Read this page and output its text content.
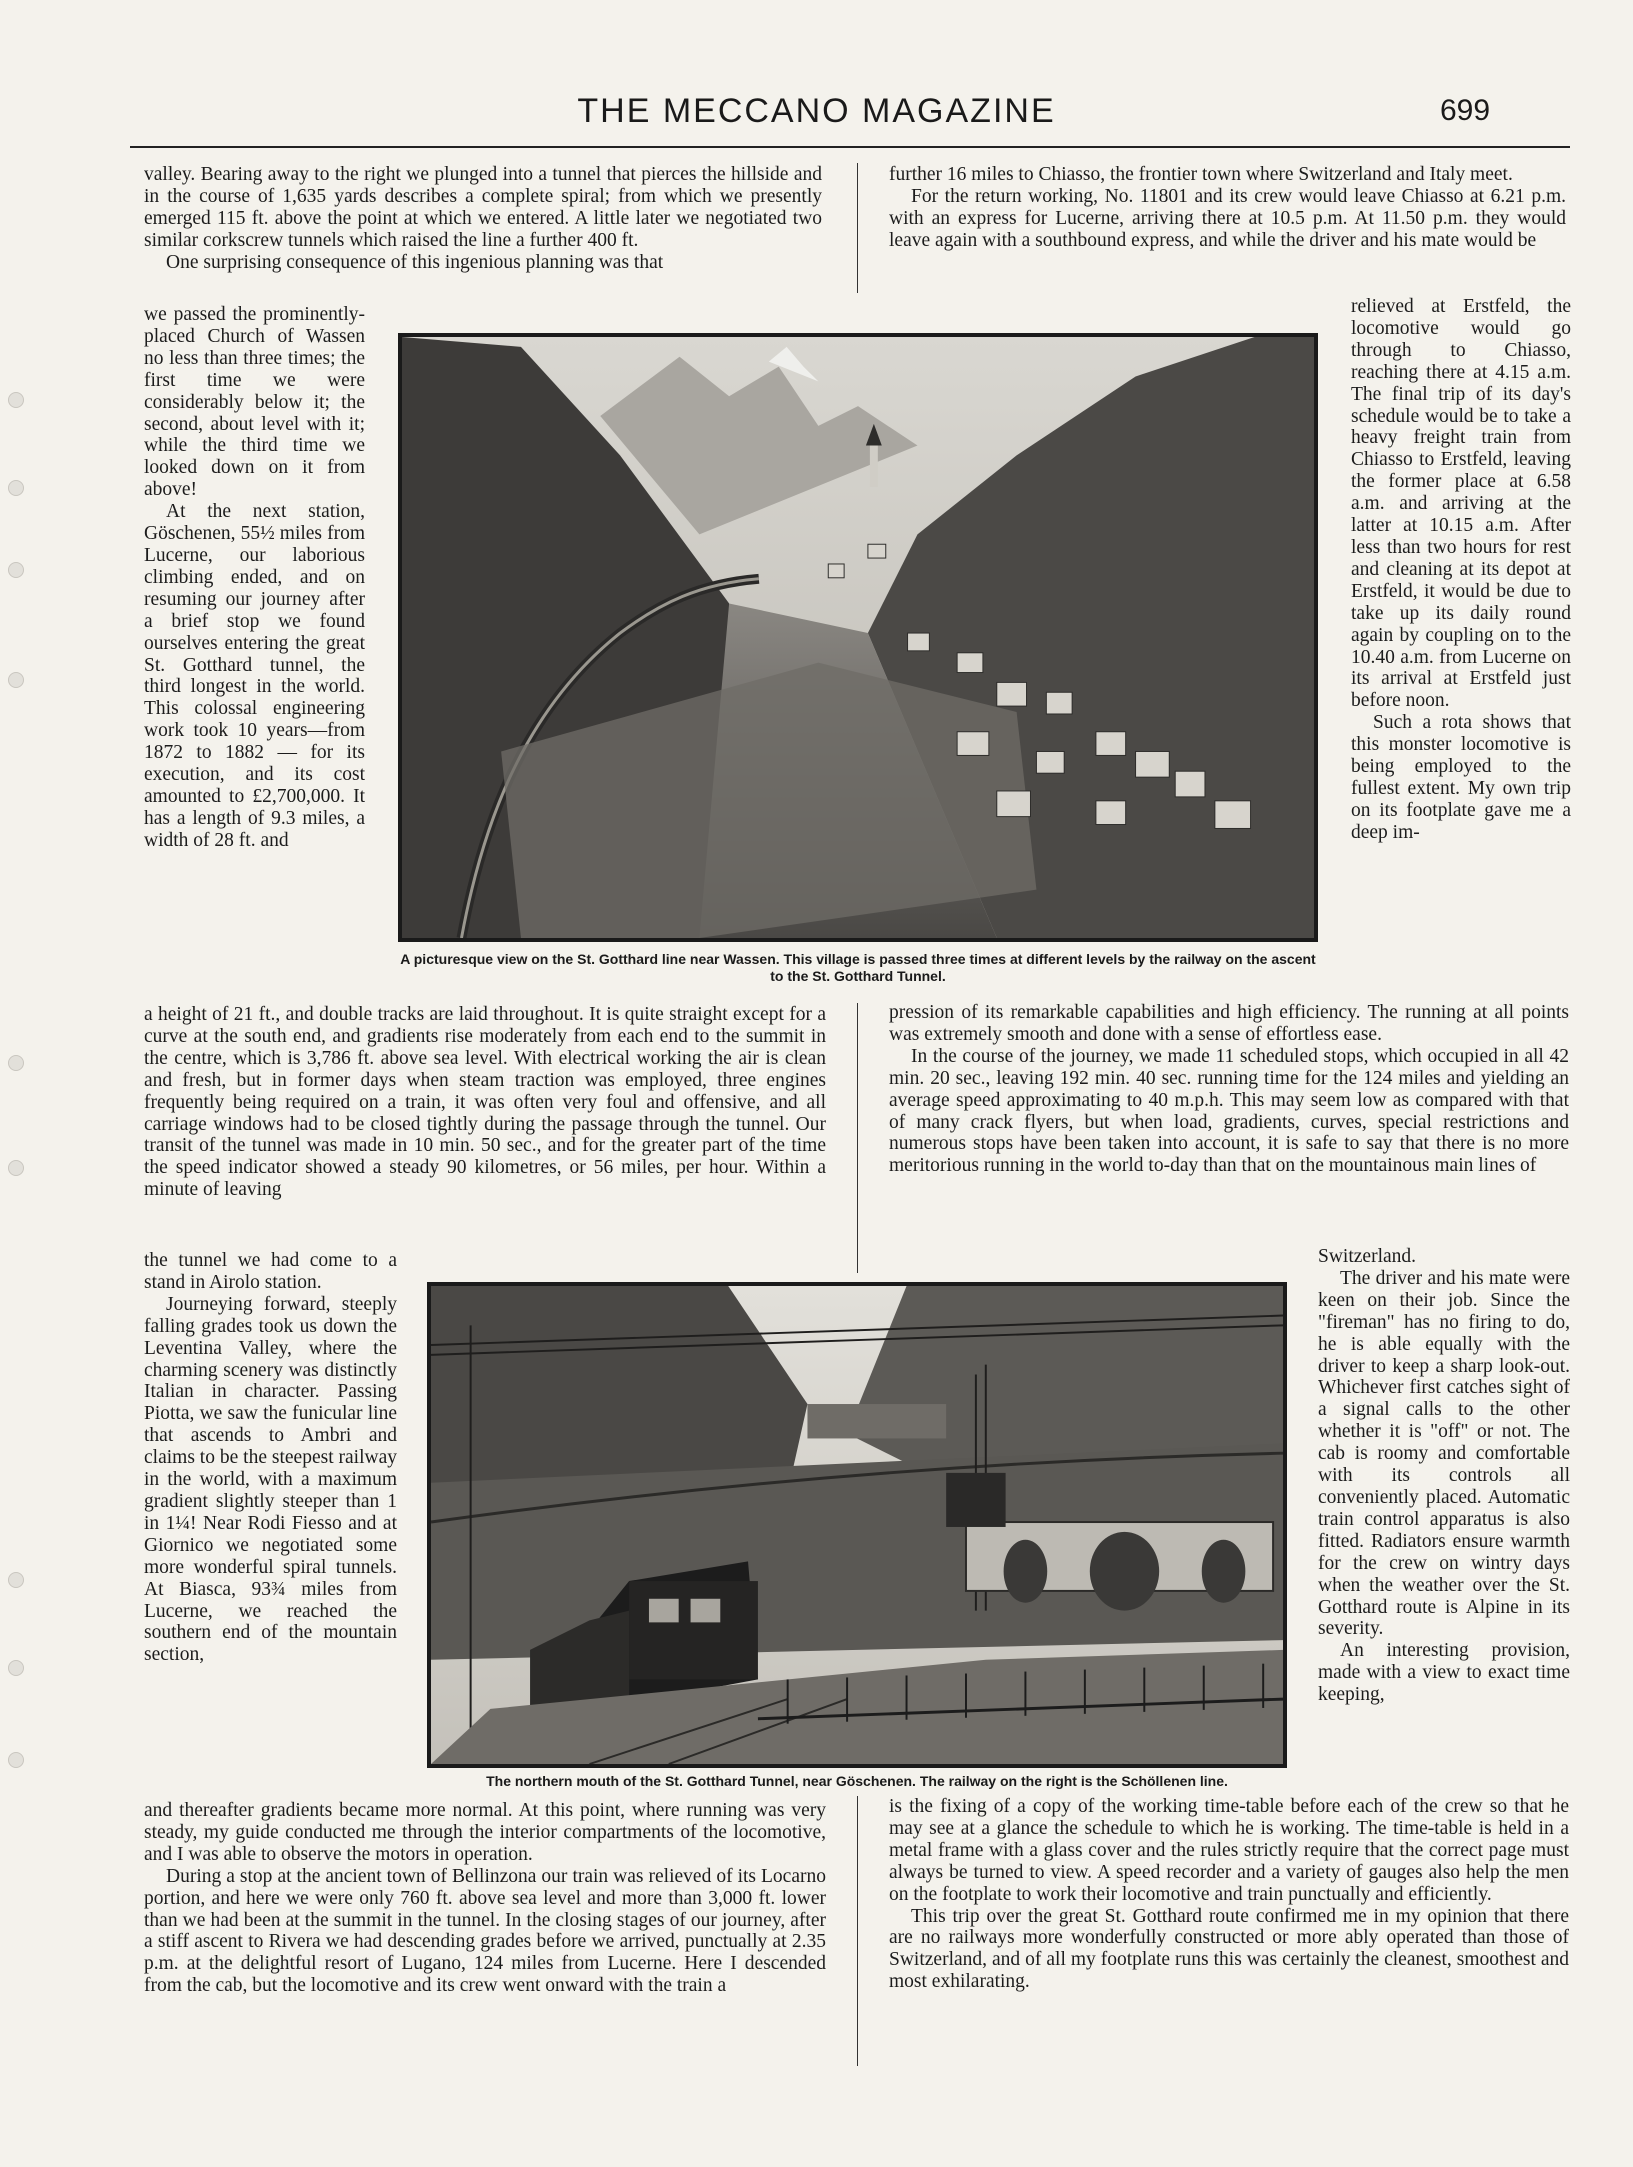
THE MECCANO MAGAZINE	699

valley. Bearing away to the right we plunged into a tunnel that pierces the hillside and in the course of 1,635 yards describes a complete spiral; from which we presently emerged 115 ft. above the point at which we entered. A little later we negotiated two similar corkscrew tunnels which raised the line a further 400 ft.

One surprising consequence of this ingenious planning was that

we passed the prominently-placed Church of Wassen no less than three times; the first time we were considerably below it; the second, about level with it; while the third time we looked down on it from above!

At the next station, Göschenen, 55½ miles from Lucerne, our laborious climbing ended, and on resuming our journey after a brief stop we found ourselves entering the great St. Gotthard tunnel, the third longest in the world. This colossal engineering work took 10 years—from 1872 to 1882 — for its execution, and its cost amounted to £2,700,000. It has a length of 9.3 miles, a width of 28 ft. and

a height of 21 ft., and double tracks are laid throughout. It is quite straight except for a curve at the south end, and gradients rise moderately from each end to the summit in the centre, which is 3,786 ft. above sea level. With electrical working the air is clean and fresh, but in former days when steam traction was employed, three engines frequently being required on a train, it was often very foul and offensive, and all carriage windows had to be closed tightly during the passage through the tunnel. Our transit of the tunnel was made in 10 min. 50 sec., and for the greater part of the time the speed indicator showed a steady 90 kilometres, or 56 miles, per hour. Within a minute of leaving

the tunnel we had come to a stand in Airolo station.

Journeying forward, steeply falling grades took us down the Leventina Valley, where the charming scenery was distinctly Italian in character. Passing Piotta, we saw the funicular line that ascends to Ambri and claims to be the steepest railway in the world, with a maximum gradient slightly steeper than 1 in 1¼! Near Rodi Fiesso and at Giornico we negotiated some more wonderful spiral tunnels. At Biasca, 93¾ miles from Lucerne, we reached the southern end of the mountain section,

and thereafter gradients became more normal. At this point, where running was very steady, my guide conducted me through the interior compartments of the locomotive, and I was able to observe the motors in operation.

During a stop at the ancient town of Bellinzona our train was relieved of its Locarno portion, and here we were only 760 ft. above sea level and more than 3,000 ft. lower than we had been at the summit in the tunnel. In the closing stages of our journey, after a stiff ascent to Rivera we had descending grades before we arrived, punctually at 2.35 p.m. at the delightful resort of Lugano, 124 miles from Lucerne. Here I descended from the cab, but the locomotive and its crew went onward with the train a

further 16 miles to Chiasso, the frontier town where Switzerland and Italy meet.

For the return working, No. 11801 and its crew would leave Chiasso at 6.21 p.m. with an express for Lucerne, arriving there at 10.5 p.m. At 11.50 p.m. they would leave again with a southbound express, and while the driver and his mate would be

relieved at Erstfeld, the locomotive would go through to Chiasso, reaching there at 4.15 a.m. The final trip of its day's schedule would be to take a heavy freight train from Chiasso to Erstfeld, leaving the former place at 6.58 a.m. and arriving at the latter at 10.15 a.m. After less than two hours for rest and cleaning at its depot at Erstfeld, it would be due to take up its daily round again by coupling on to the 10.40 a.m. from Lucerne on its arrival at Erstfeld just before noon.

Such a rota shows that this monster locomotive is being employed to the fullest extent. My own trip on its footplate gave me a deep im-

pression of its remarkable capabilities and high efficiency. The running at all points was extremely smooth and done with a sense of effortless ease.

In the course of the journey, we made 11 scheduled stops, which occupied in all 42 min. 20 sec., leaving 192 min. 40 sec. running time for the 124 miles and yielding an average speed approximating to 40 m.p.h. This may seem low as compared with that of many crack flyers, but when load, gradients, curves, special restrictions and numerous stops have been taken into account, it is safe to say that there is no more meritorious running in the world to-day than that on the mountainous main lines of

Switzerland.

The driver and his mate were keen on their job. Since the "fireman" has no firing to do, he is able equally with the driver to keep a sharp look-out. Whichever first catches sight of a signal calls to the other whether it is "off" or not. The cab is roomy and comfortable with its controls all conveniently placed. Automatic train control apparatus is also fitted. Radiators ensure warmth for the crew on wintry days when the weather over the St. Gotthard route is Alpine in its severity.

An interesting provision, made with a view to exact time keeping,

is the fixing of a copy of the working time-table before each of the crew so that he may see at a glance the schedule to which he is working. The time-table is held in a metal frame with a glass cover and the rules strictly require that the correct page must always be turned to view. A speed recorder and a variety of gauges also help the men on the footplate to work their locomotive and train punctually and efficiently.

This trip over the great St. Gotthard route confirmed me in my opinion that there are no railways more wonderfully constructed or more ably operated than those of Switzerland, and of all my footplate runs this was certainly the cleanest, smoothest and most exhilarating.

A picturesque view on the St. Gotthard line near Wassen. This village is passed three times at different levels by the railway on the ascent to the St. Gotthard Tunnel.
The northern mouth of the St. Gotthard Tunnel, near Göschenen. The railway on the right is the Schöllenen line.
